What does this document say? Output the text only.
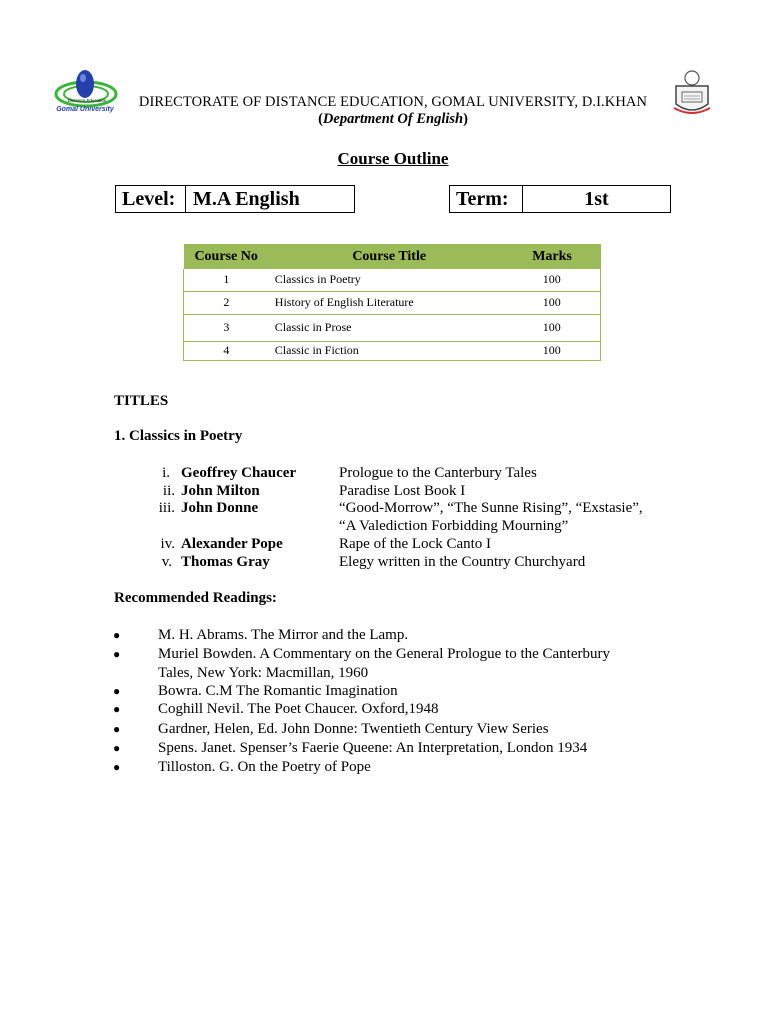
Distance Education
Gomal University	DIRECTORATE OF DISTANCE EDUCATION, GOMAL UNIVERSITY, D.I.KHAN
(Department Of English)
Course Outline
Level: M.A English	Term:	1st
Course No	Course Title	Marks
1	Classics in Poetry	100
2	History of English Literature	100
3	Classic in Prose	100
4	Classic in Fiction	100
TITLES
1. Classics in Poetry
i. Geoffrey Chaucer	Prologue to the Canterbury Tales
ii. John Milton	Paradise Lost Book I
iii. John Donne	“Good-Morrow”, “The Sunne Rising”, “Exstasie”,
“A Valediction Forbidding Mourning”
iv. Alexander Pope	Rape of the Lock Canto I
v. Thomas Gray	Elegy written in the Country Churchyard
Recommended Readings:
●	M. H. Abrams. The Mirror and the Lamp.
●	Muriel Bowden. A Commentary on the General Prologue to the Canterbury Tales, New York: Macmillan, 1960
●	Bowra. C.M The Romantic Imagination
●	Coghill Nevil. The Poet Chaucer. Oxford,1948
●	Gardner, Helen, Ed. John Donne: Twentieth Century View Series
●	Spens. Janet. Spenser’s Faerie Queene: An Interpretation, London 1934
●	Tilloston. G. On the Poetry of Pope
